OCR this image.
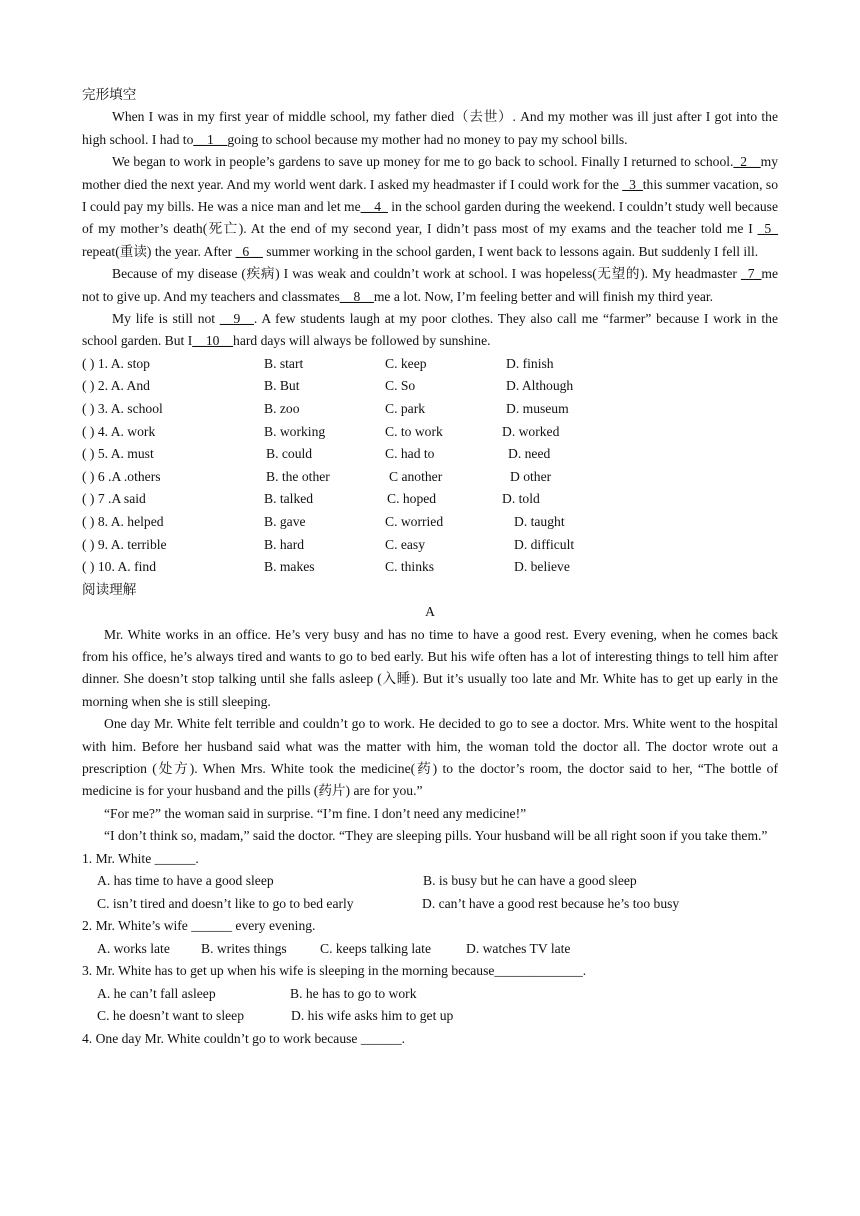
完形填空

When I was in my first year of middle school, my father died（去世）. And my mother was ill just after I got into the high school. I had to__1__going to school because my mother had no money to pay my school bills.

We began to work in people’s gardens to save up money for me to go back to school. Finally I returned to school._2__my mother died the next year. And my world went dark. I asked my headmaster if I could work for the _3_this summer vacation, so I could pay my bills. He was a nice man and let me__4_ in the school garden during the weekend. I couldn’t study well because of my mother’s death(死亡). At the end of my second year, I didn’t pass most of my exams and the teacher told me I _5_ repeat(重读) the year. After _6__ summer working in the school garden, I went back to lessons again. But suddenly I fell ill.

Because of my disease (疾病) I was weak and couldn’t work at school. I was hopeless(无望的). My headmaster _7_me not to give up. And my teachers and classmates__8__me a lot. Now, I’m feeling better and will finish my third year.

My life is still not __9__. A few students laugh at my poor clothes. They also call me “farmer” because I work in the school garden. But I__10__hard days will always be followed by sunshine.

( ) 1. A. stop	B. start	C. keep	D. finish
( ) 2. A. And	B. But	C. So	D. Although
( ) 3. A. school	B. zoo	C. park	D. museum
( ) 4. A. work	B. working	C. to work	D. worked
( ) 5. A. must	B. could	C. had to	D. need
( ) 6 .A .others	B. the other	C another	D other
( ) 7 .A said	B. talked	C. hoped	D. told
( ) 8. A. helped	B. gave	C. worried	D. taught
( ) 9. A. terrible	B. hard	C. easy	D. difficult
( ) 10. A. find	B. makes	C. thinks	D. believe
阅读理解
A

Mr. White works in an office. He’s very busy and has no time to have a good rest. Every evening, when he comes back from his office, he’s always tired and wants to go to bed early. But his wife often has a lot of interesting things to tell him after dinner. She doesn’t stop talking until she falls asleep (入睡). But it’s usually too late and Mr. White has to get up early in the morning when she is still sleeping.

One day Mr. White felt terrible and couldn’t go to work. He decided to go to see a doctor. Mrs. White went to the hospital with him. Before her husband said what was the matter with him, the woman told the doctor all. The doctor wrote out a prescription (处方). When Mrs. White took the medicine(药) to the doctor’s room, the doctor said to her, “The bottle of medicine is for your husband and the pills (药片) are for you.”

“For me?” the woman said in surprise. “I’m fine. I don’t need any medicine!”

“I don’t think so, madam,” said the doctor. “They are sleeping pills. Your husband will be all right soon if you take them.”

1. Mr. White ______.
A. has time to have a good sleep	B. is busy but he can have a good sleep
C. isn’t tired and doesn’t like to go to bed early	D. can’t have a good rest because he’s too busy
2. Mr. White’s wife ______ every evening.
A. works late B. writes things C. keeps talking late	D. watches TV late
3. Mr. White has to get up when his wife is sleeping in the morning because_____________.
A. he can’t fall asleep	B. he has to go to work
C. he doesn’t want to sleep	D. his wife asks him to get up
4. One day Mr. White couldn’t go to work because ______.
